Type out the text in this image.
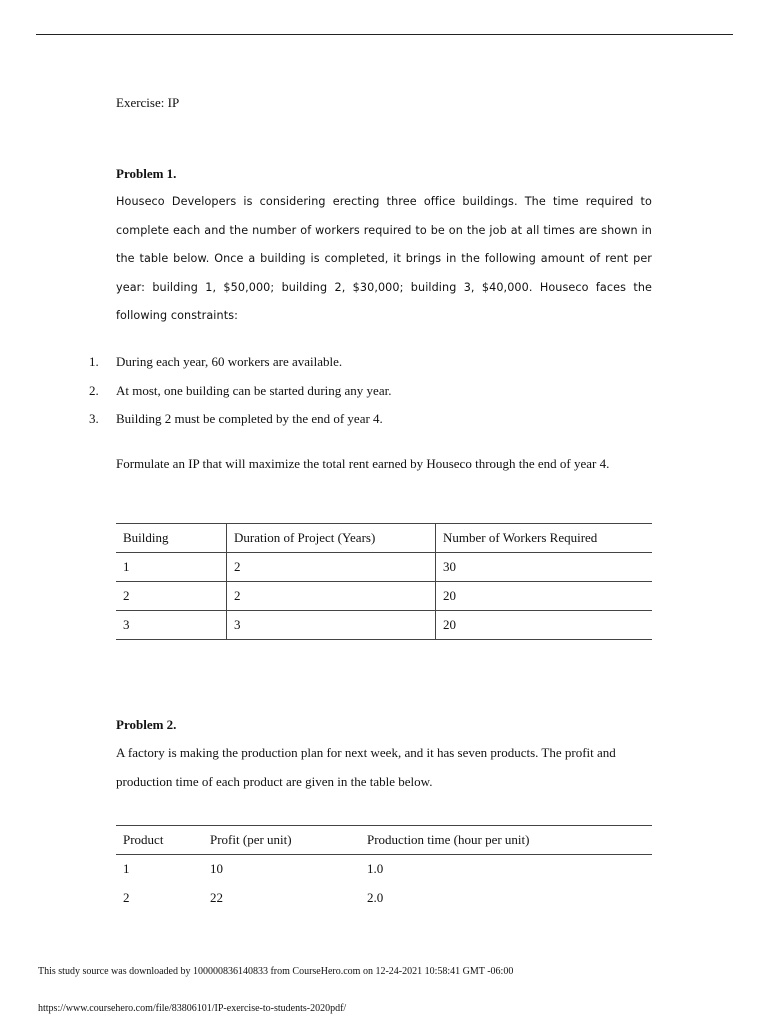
Exercise: IP
Problem 1.
Houseco Developers is considering erecting three office buildings. The time required to complete each and the number of workers required to be on the job at all times are shown in the table below. Once a building is completed, it brings in the following amount of rent per year: building 1, $50,000; building 2, $30,000; building 3, $40,000. Houseco faces the following constraints:
1.	During each year, 60 workers are available.
2.	At most, one building can be started during any year.
3.	Building 2 must be completed by the end of year 4.
Formulate an IP that will maximize the total rent earned by Houseco through the end of year 4.
Building	Duration of Project (Years)	Number of Workers Required
1	2	30
2	2	20
3	3	20
Problem 2.
A factory is making the production plan for next week, and it has seven products. The profit and production time of each product are given in the table below.
Product	Profit (per unit)	Production time (hour per unit)
1	10	1.0
2	22	2.0
This study source was downloaded by 100000836140833 from CourseHero.com on 12-24-2021 10:58:41 GMT -06:00
https://www.coursehero.com/file/83806101/IP-exercise-to-students-2020pdf/
